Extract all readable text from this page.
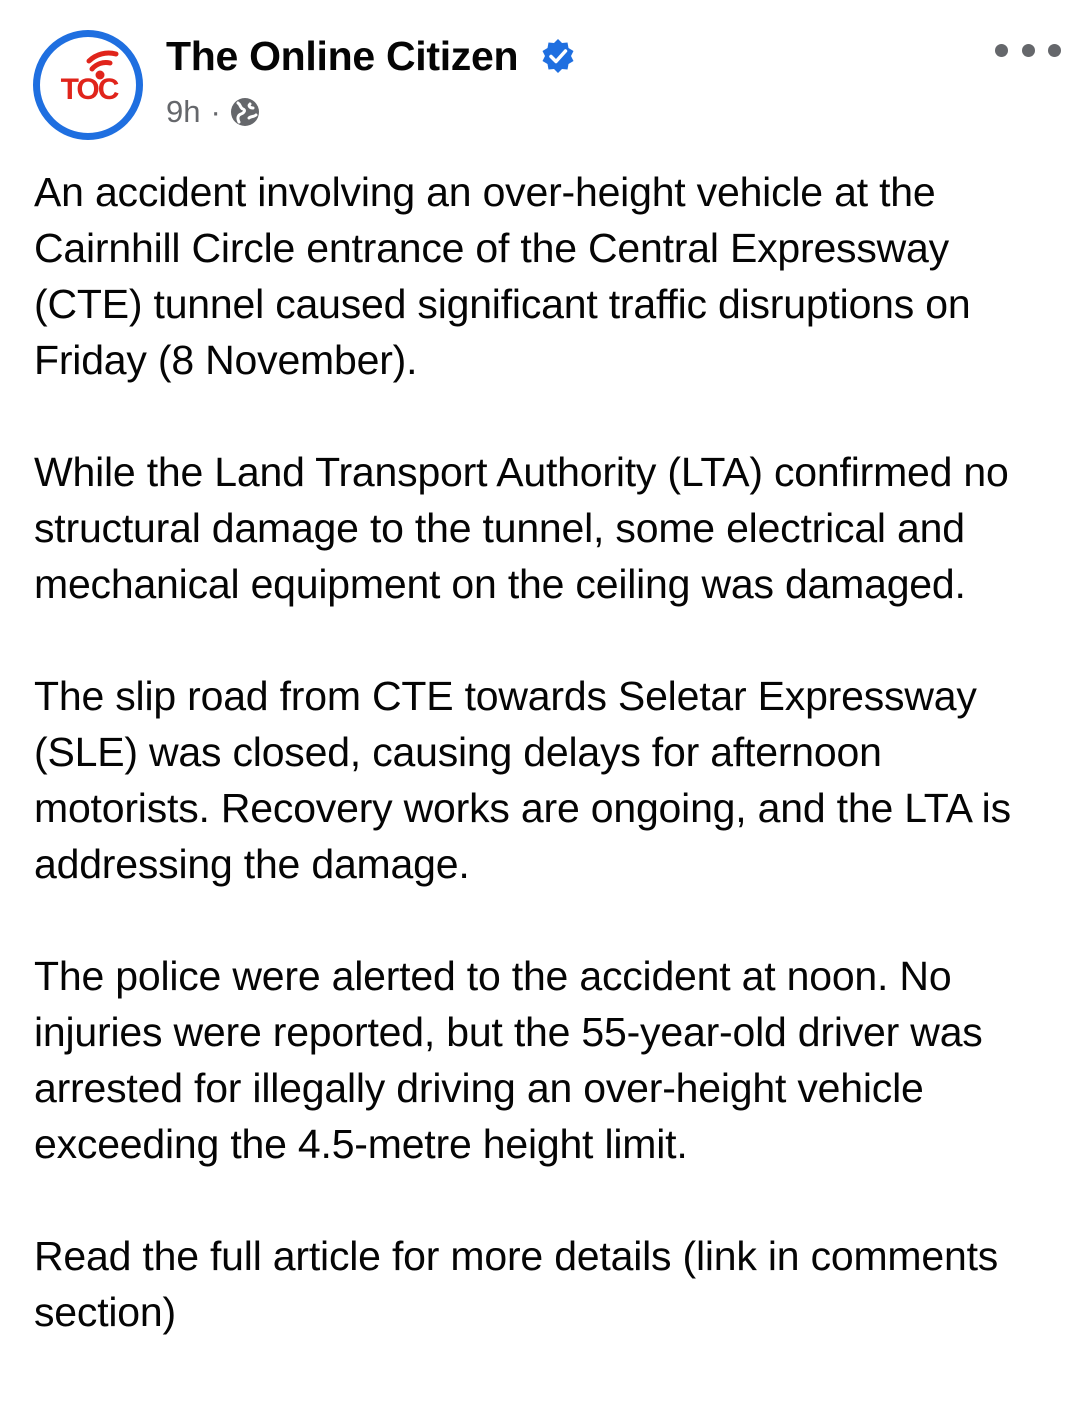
TOC
The Online Citizen
9h ·

An accident involving an over-height vehicle at the Cairnhill Circle entrance of the Central Expressway (CTE) tunnel caused significant traffic disruptions on Friday (8 November).

While the Land Transport Authority (LTA) confirmed no structural damage to the tunnel, some electrical and mechanical equipment on the ceiling was damaged.

The slip road from CTE towards Seletar Expressway (SLE) was closed, causing delays for afternoon motorists. Recovery works are ongoing, and the LTA is addressing the damage.

The police were alerted to the accident at noon. No injuries were reported, but the 55-year-old driver was arrested for illegally driving an over-height vehicle exceeding the 4.5-metre height limit.

Read the full article for more details (link in comments section)
